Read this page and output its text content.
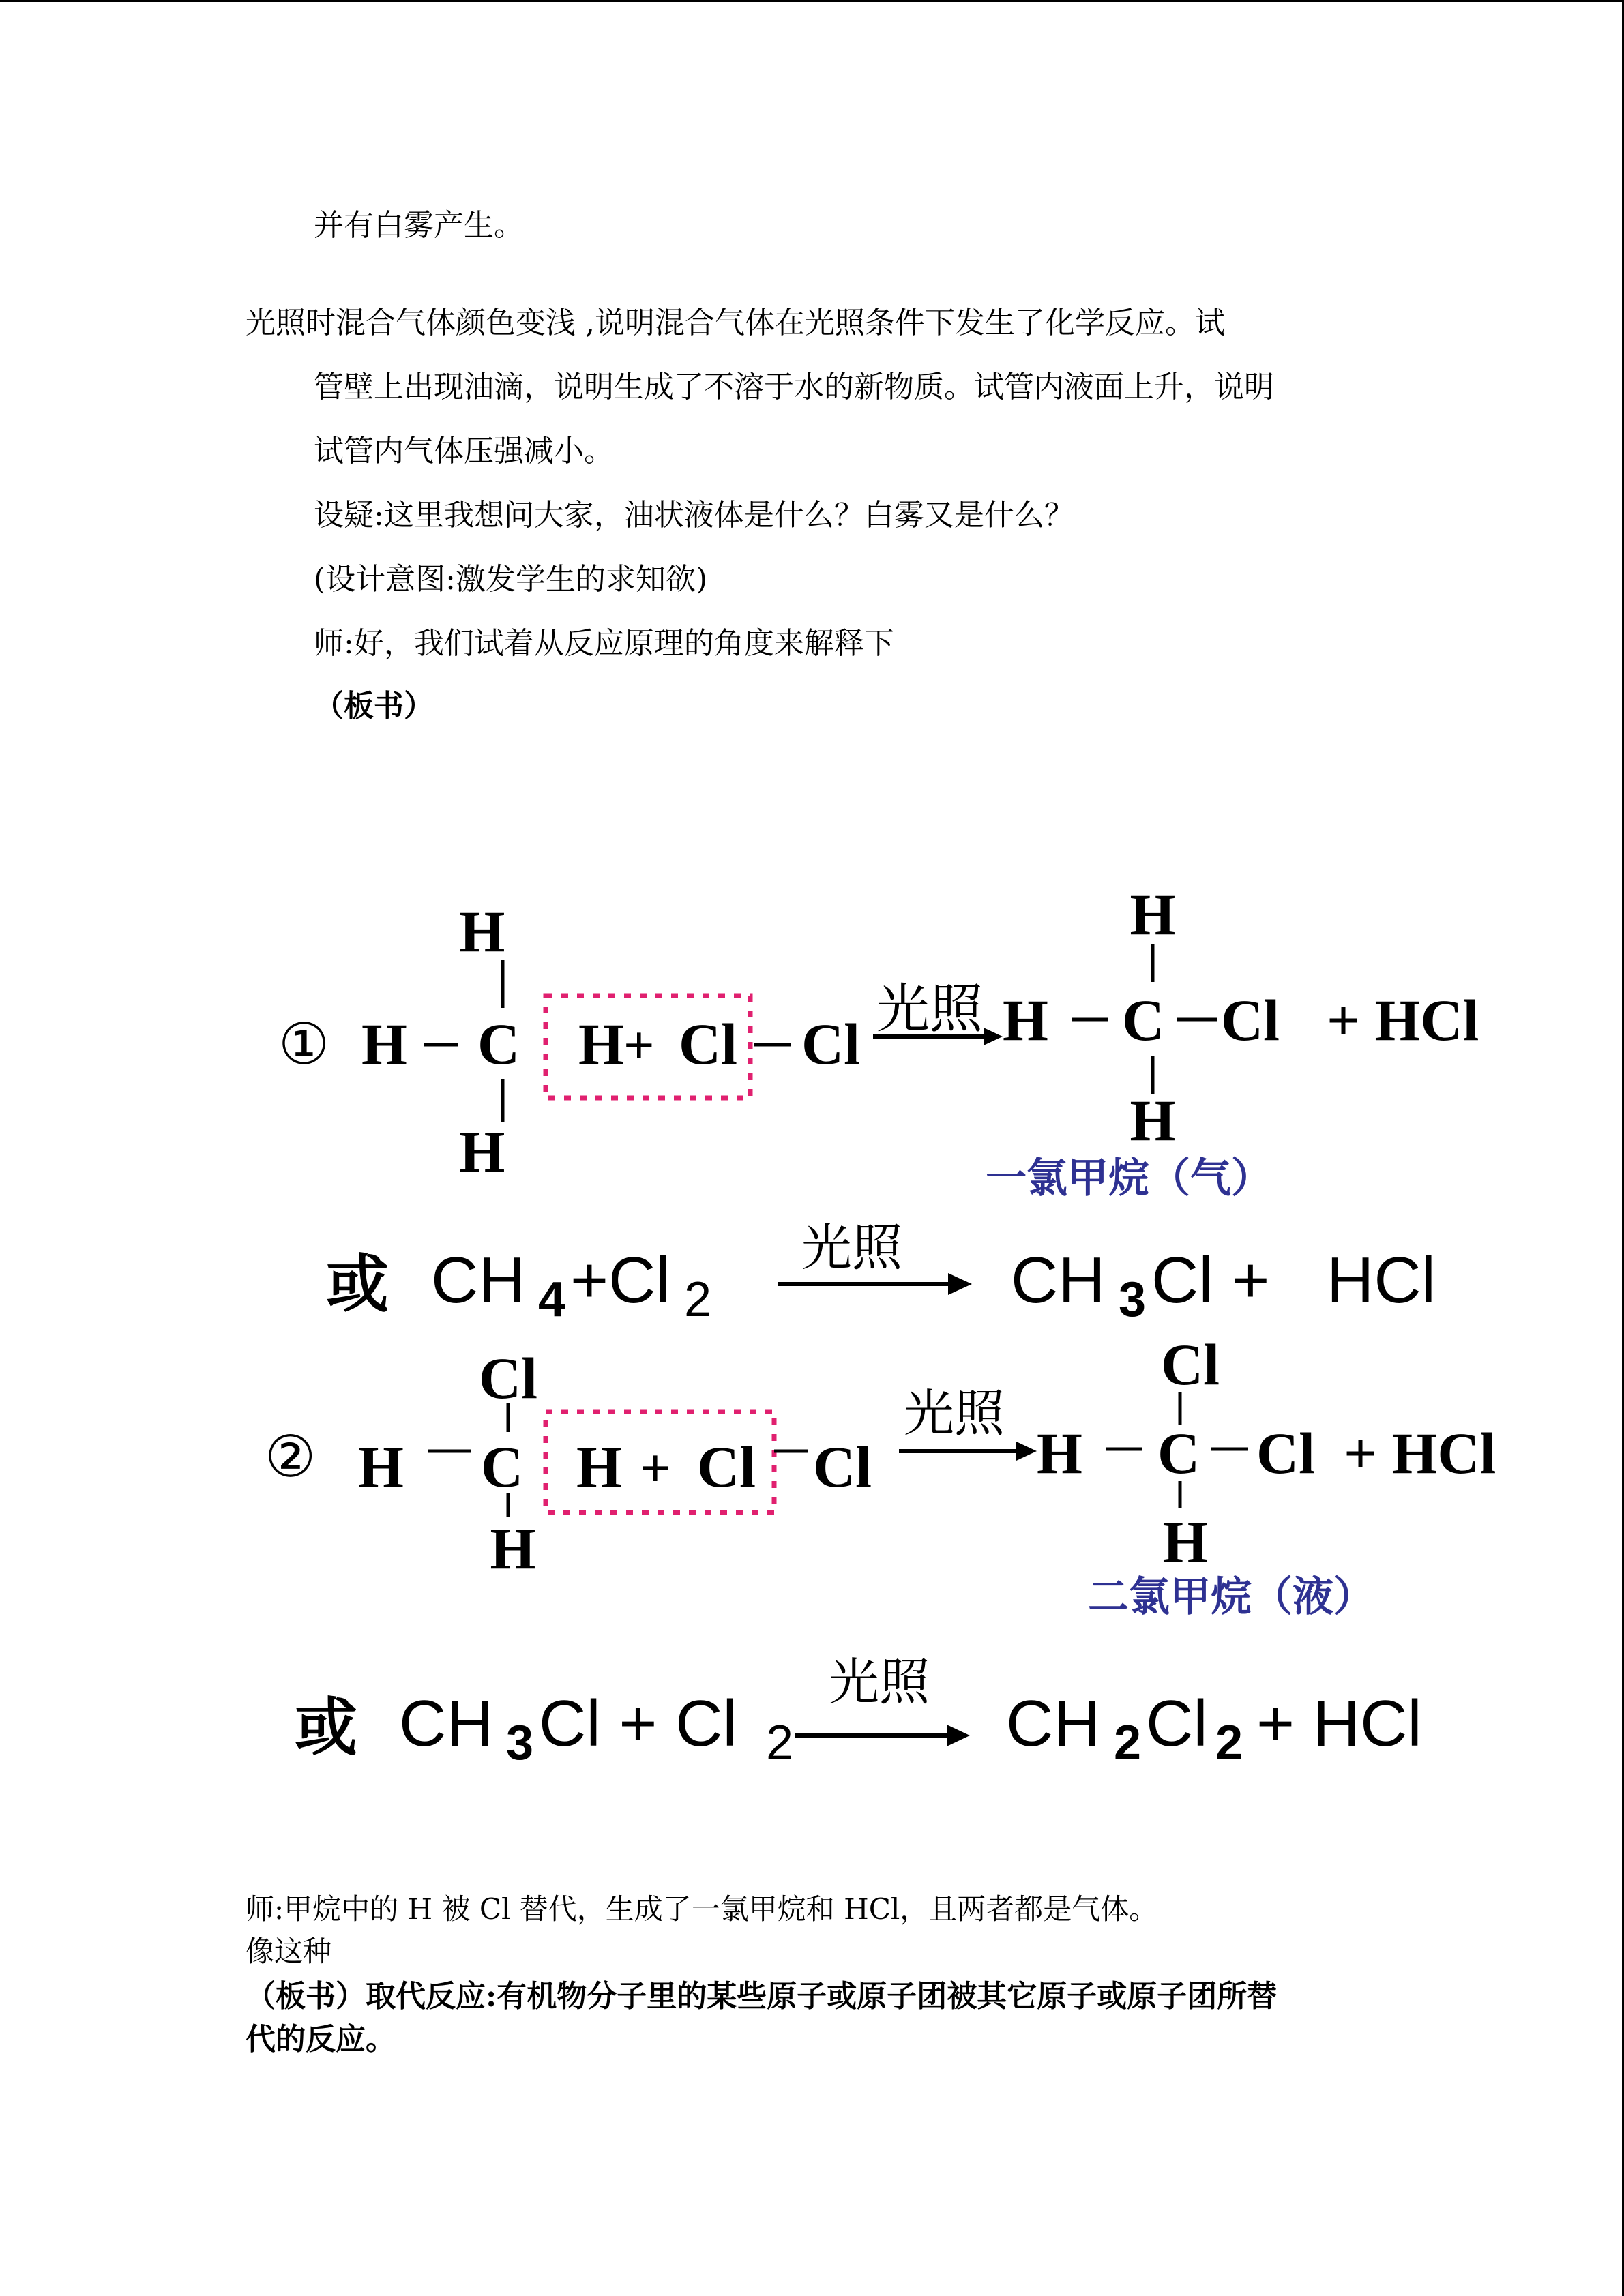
并有白雾产生。
光照时混合气体颜色变浅 ,说明混合气体在光照条件下发生了化学反应。试
管壁上出现油滴，说明生成了不溶于水的新物质。试管内液面上升，说明
试管内气体压强减小。
设疑:这里我想问大家，油状液体是什么？白雾又是什么？
(设计意图:激发学生的求知欲)
师:好，我们试着从反应原理的角度来解释下
（板书）
①
H
H C
H
H + Cl Cl
光照
H
H C Cl
H
+ HCl
一氯甲烷（气）
或 CH 4 +Cl 2
光照 CH 3 Cl + HCl
②
Cl
H C
H
H + Cl Cl
光照
Cl
H C Cl
H
+ HCl
二氯甲烷（液）
或 CH 3 Cl + Cl 2
光照
CH 2 Cl 2 + HCl
师:甲烷中的 H 被 Cl 替代，生成了一氯甲烷和 HCl，且两者都是气体。
像这种
（板书）取代反应:有机物分子里的某些原子或原子团被其它原子或原子团所替
代的反应。
